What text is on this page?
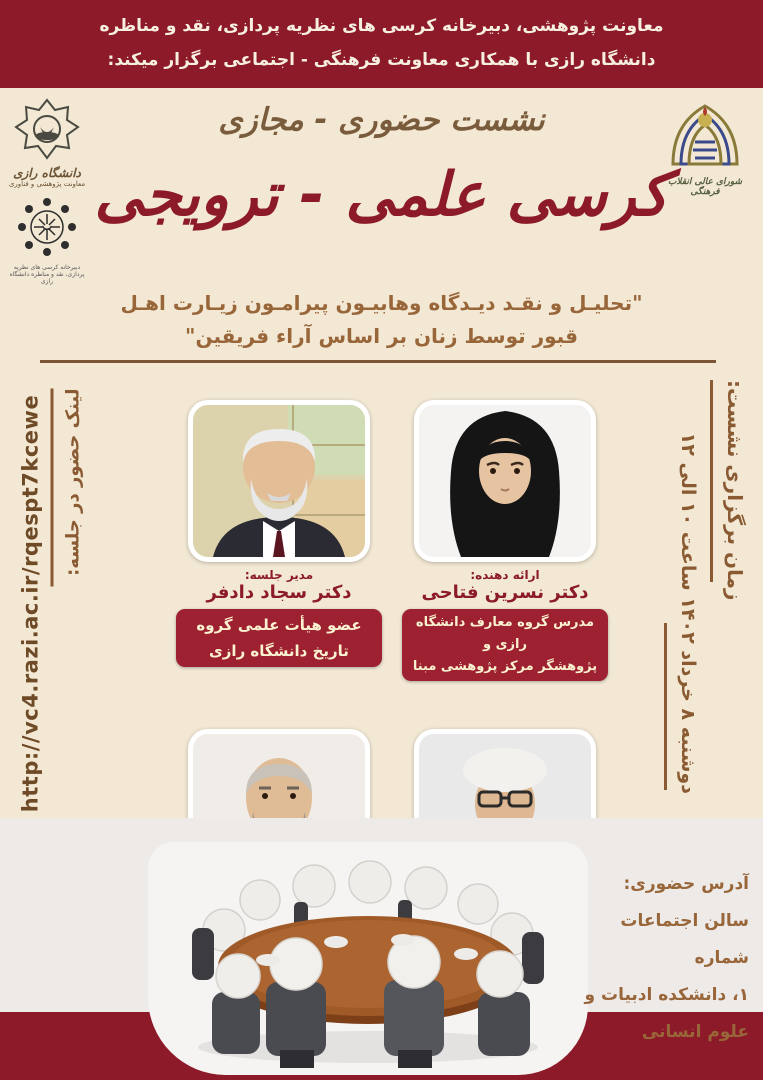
معاونت پژوهشی، دبیرخانه کرسی های نظریه پردازی، نقد و مناظره
دانشگاه رازی با همکاری معاونت فرهنگی - اجتماعی برگزار میکند:
دانشگاه رازی
معاونت پژوهشی و فناوری
دبیرخانه کرسی های نظریه پردازی، نقد و مناظره دانشگاه رازی
شورای عالی انقلاب فرهنگی
نشست حضوری - مجازی
کرسی علمی - ترویجی
"تحلیـل و نقـد دیـدگاه وهابیـون پیرامـون زیـارت اهـل
قبور توسط زنان بر اساس آراء فریقین"
زمان برگزاری نشست:
دوشنبه ۸ خرداد ۱۴۰۲ ساعت ۱۰ الی ۱۲
http://vc4.razi.ac.ir/rqespt7kcewe	لینک حضور در جلسه:	مدیر جلسه:
دکتر سجاد دادفر
عضو هیأت علمی گروه
تاریخ دانشگاه رازی
ارائه دهنده:
دکتر نسرین فتاحی
مدرس گروه معارف دانشگاه رازی و
پژوهشگر مرکز پژوهشی مبنا
آدرس حضوری:
سالن اجتماعات شماره
۱، دانشکده ادبیات و
علوم انسانی
